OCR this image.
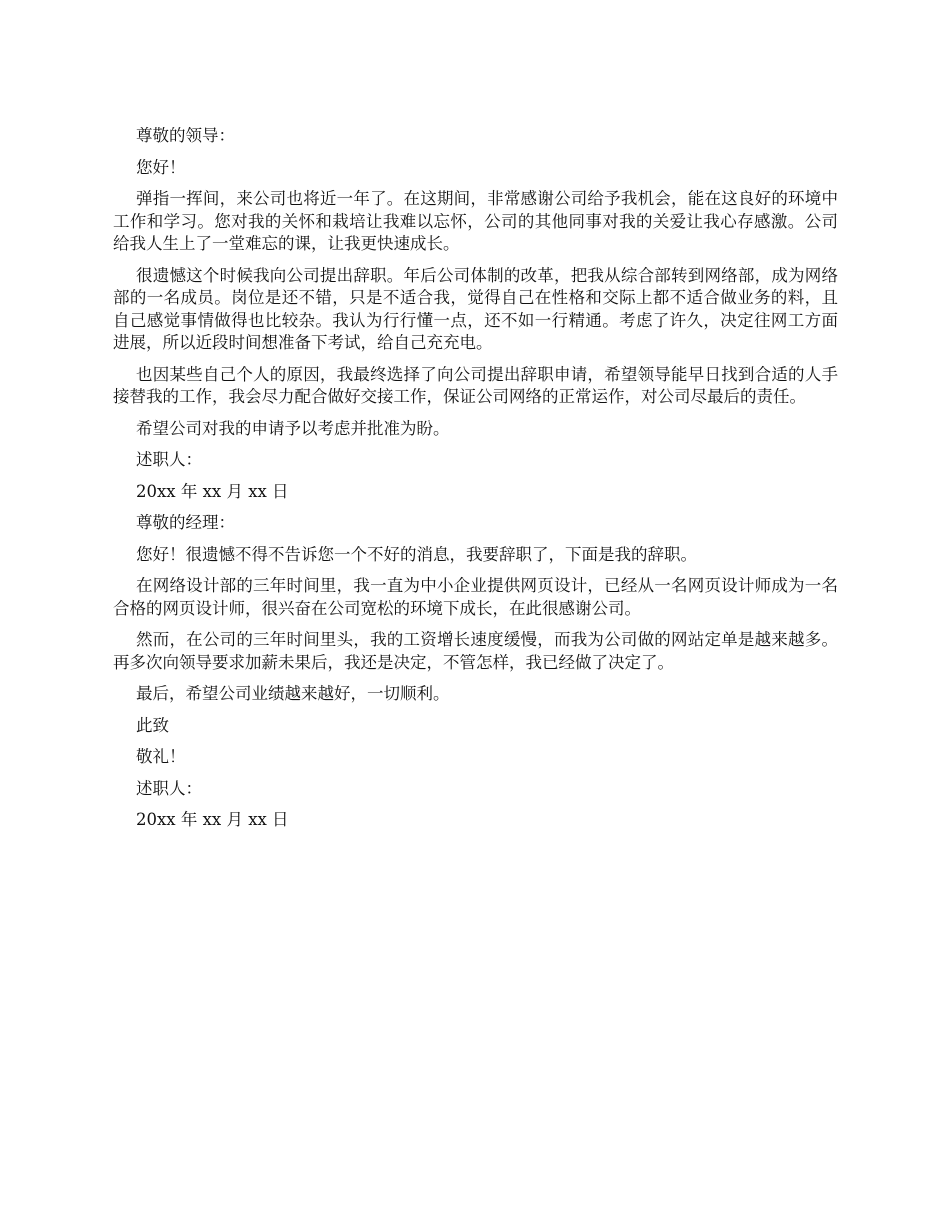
尊敬的领导：

您好！

弹指一挥间，来公司也将近一年了。在这期间，非常感谢公司给予我机会，能在这良好的环境中工作和学习。您对我的关怀和栽培让我难以忘怀，公司的其他同事对我的关爱让我心存感激。公司给我人生上了一堂难忘的课，让我更快速成长。

很遗憾这个时候我向公司提出辞职。年后公司体制的改革，把我从综合部转到网络部，成为网络部的一名成员。岗位是还不错，只是不适合我，觉得自己在性格和交际上都不适合做业务的料，且自己感觉事情做得也比较杂。我认为行行懂一点，还不如一行精通。考虑了许久，决定往网工方面进展，所以近段时间想准备下考试，给自己充充电。

也因某些自己个人的原因，我最终选择了向公司提出辞职申请，希望领导能早日找到合适的人手接替我的工作，我会尽力配合做好交接工作，保证公司网络的正常运作，对公司尽最后的责任。

希望公司对我的申请予以考虑并批准为盼。

述职人：

20xx 年 xx 月 xx 日

尊敬的经理：

您好！很遗憾不得不告诉您一个不好的消息，我要辞职了，下面是我的辞职。

在网络设计部的三年时间里，我一直为中小企业提供网页设计，已经从一名网页设计师成为一名合格的网页设计师，很兴奋在公司宽松的环境下成长，在此很感谢公司。

然而，在公司的三年时间里头，我的工资增长速度缓慢，而我为公司做的网站定单是越来越多。再多次向领导要求加薪未果后，我还是决定，不管怎样，我已经做了决定了。

最后，希望公司业绩越来越好，一切顺利。

此致

敬礼！

述职人：

20xx 年 xx 月 xx 日
